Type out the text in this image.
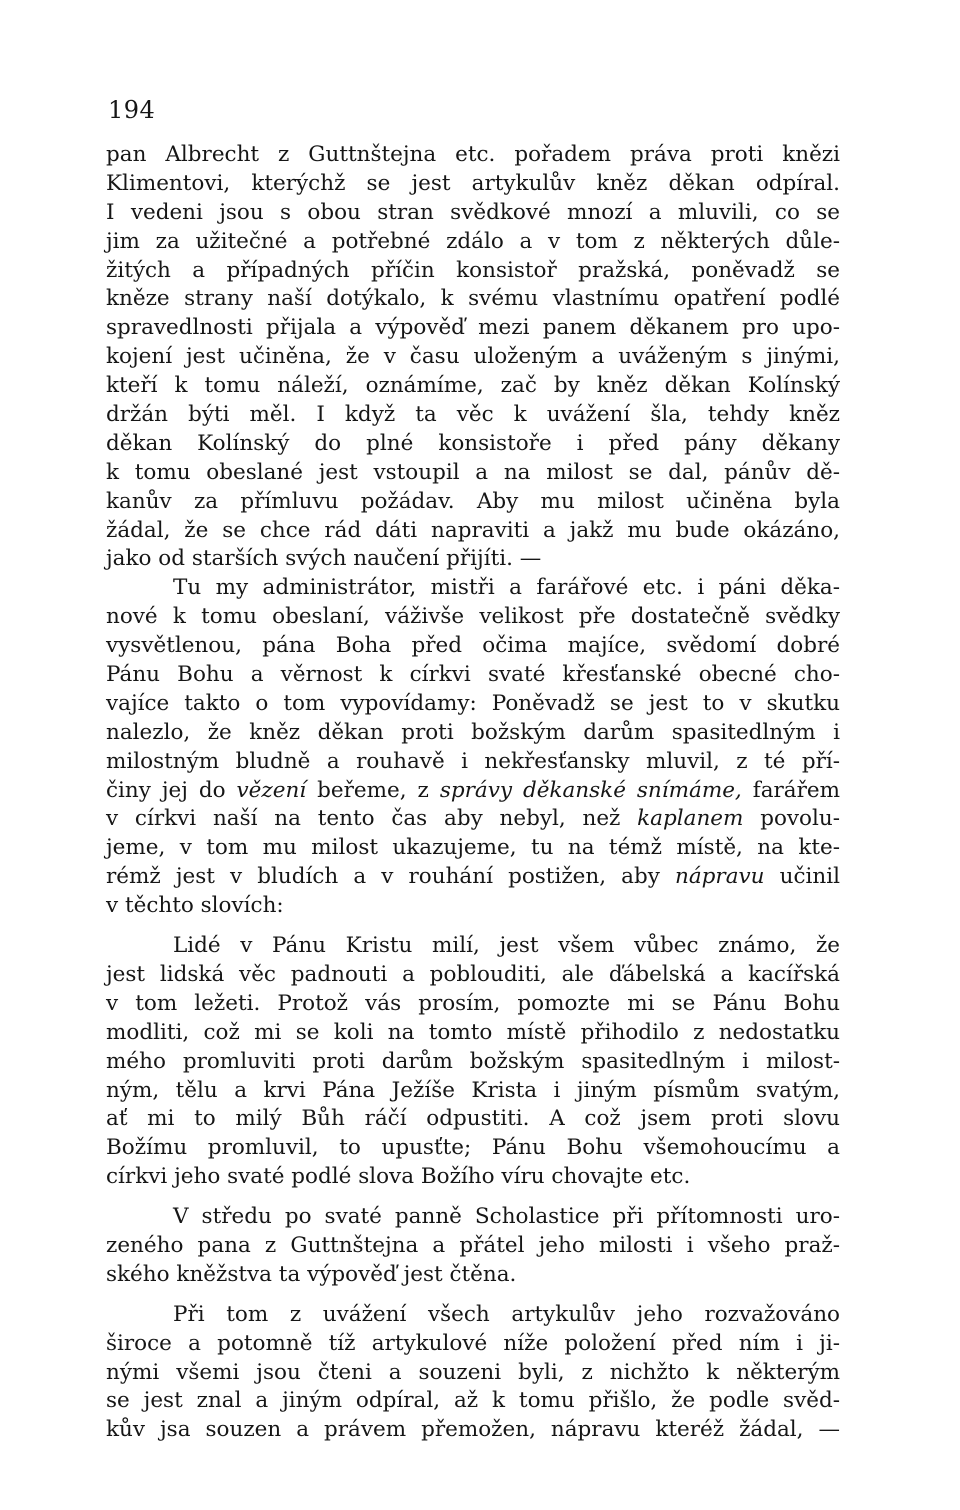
194
pan Albrecht z Guttnštejna etc. pořadem práva proti knězi
Klimentovi, kterýchž se jest artykulův kněz děkan odpíral.
I vedeni jsou s obou stran svědkové mnozí a mluvili, co se
jim za užitečné a potřebné zdálo a v tom z některých důle-
žitých a případných příčin konsistoř pražská, poněvadž se
kněze strany naší dotýkalo, k svému vlastnímu opatření podlé
spravedlnosti přijala a výpověď mezi panem děkanem pro upo-
kojení jest učiněna, že v času uloženým a uváženým s jinými,
kteří k tomu náleží, oznámíme, zač by kněz děkan Kolínský
držán býti měl. I když ta věc k uvážení šla, tehdy kněz
děkan Kolínský do plné konsistoře i před pány děkany
k tomu obeslané jest vstoupil a na milost se dal, pánův dě-
kanův za přímluvu požádav. Aby mu milost učiněna byla
žádal, že se chce rád dáti napraviti a jakž mu bude okázáno,
jako od starších svých naučení přijíti. —
Tu my administrátor, mistři a farářové etc. i páni děka-
nové k tomu obeslaní, váživše velikost pře dostatečně svědky
vysvětlenou, pána Boha před očima majíce, svědomí dobré
Pánu Bohu a věrnost k církvi svaté křesťanské obecné cho-
vajíce takto o tom vypovídamy: Poněvadž se jest to v skutku
nalezlo, že kněz děkan proti božským darům spasitedlným i
milostným bludně a rouhavě i nekřesťansky mluvil, z té pří-
činy jej do vězení beřeme, z správy děkanské snímáme, farářem
v církvi naší na tento čas aby nebyl, než kaplanem povolu-
jeme, v tom mu milost ukazujeme, tu na témž místě, na kte-
rémž jest v bludích a v rouhání postižen, aby nápravu učinil
v těchto slovích:
Lidé v Pánu Kristu milí, jest všem vůbec známo, že
jest lidská věc padnouti a poblouditi, ale ďábelská a kacířská
v tom ležeti. Protož vás prosím, pomozte mi se Pánu Bohu
modliti, což mi se koli na tomto místě přihodilo z nedostatku
mého promluviti proti darům božským spasitedlným i milost-
ným, tělu a krvi Pána Ježíše Krista i jiným písmům svatým,
ať mi to milý Bůh ráčí odpustiti. A což jsem proti slovu
Božímu promluvil, to upusťte; Pánu Bohu všemohoucímu a
církvi jeho svaté podlé slova Božího víru chovajte etc.
V středu po svaté panně Scholastice při přítomnosti uro-
zeného pana z Guttnštejna a přátel jeho milosti i všeho praž-
ského kněžstva ta výpověď jest čtěna.
Při tom z uvážení všech artykulův jeho rozvažováno
široce a potomně tíž artykulové níže položení před ním i ji-
nými všemi jsou čteni a souzeni byli, z nichžto k některým
se jest znal a jiným odpíral, až k tomu přišlo, že podle svěd-
kův jsa souzen a právem přemožen, nápravu kteréž žádal, —
